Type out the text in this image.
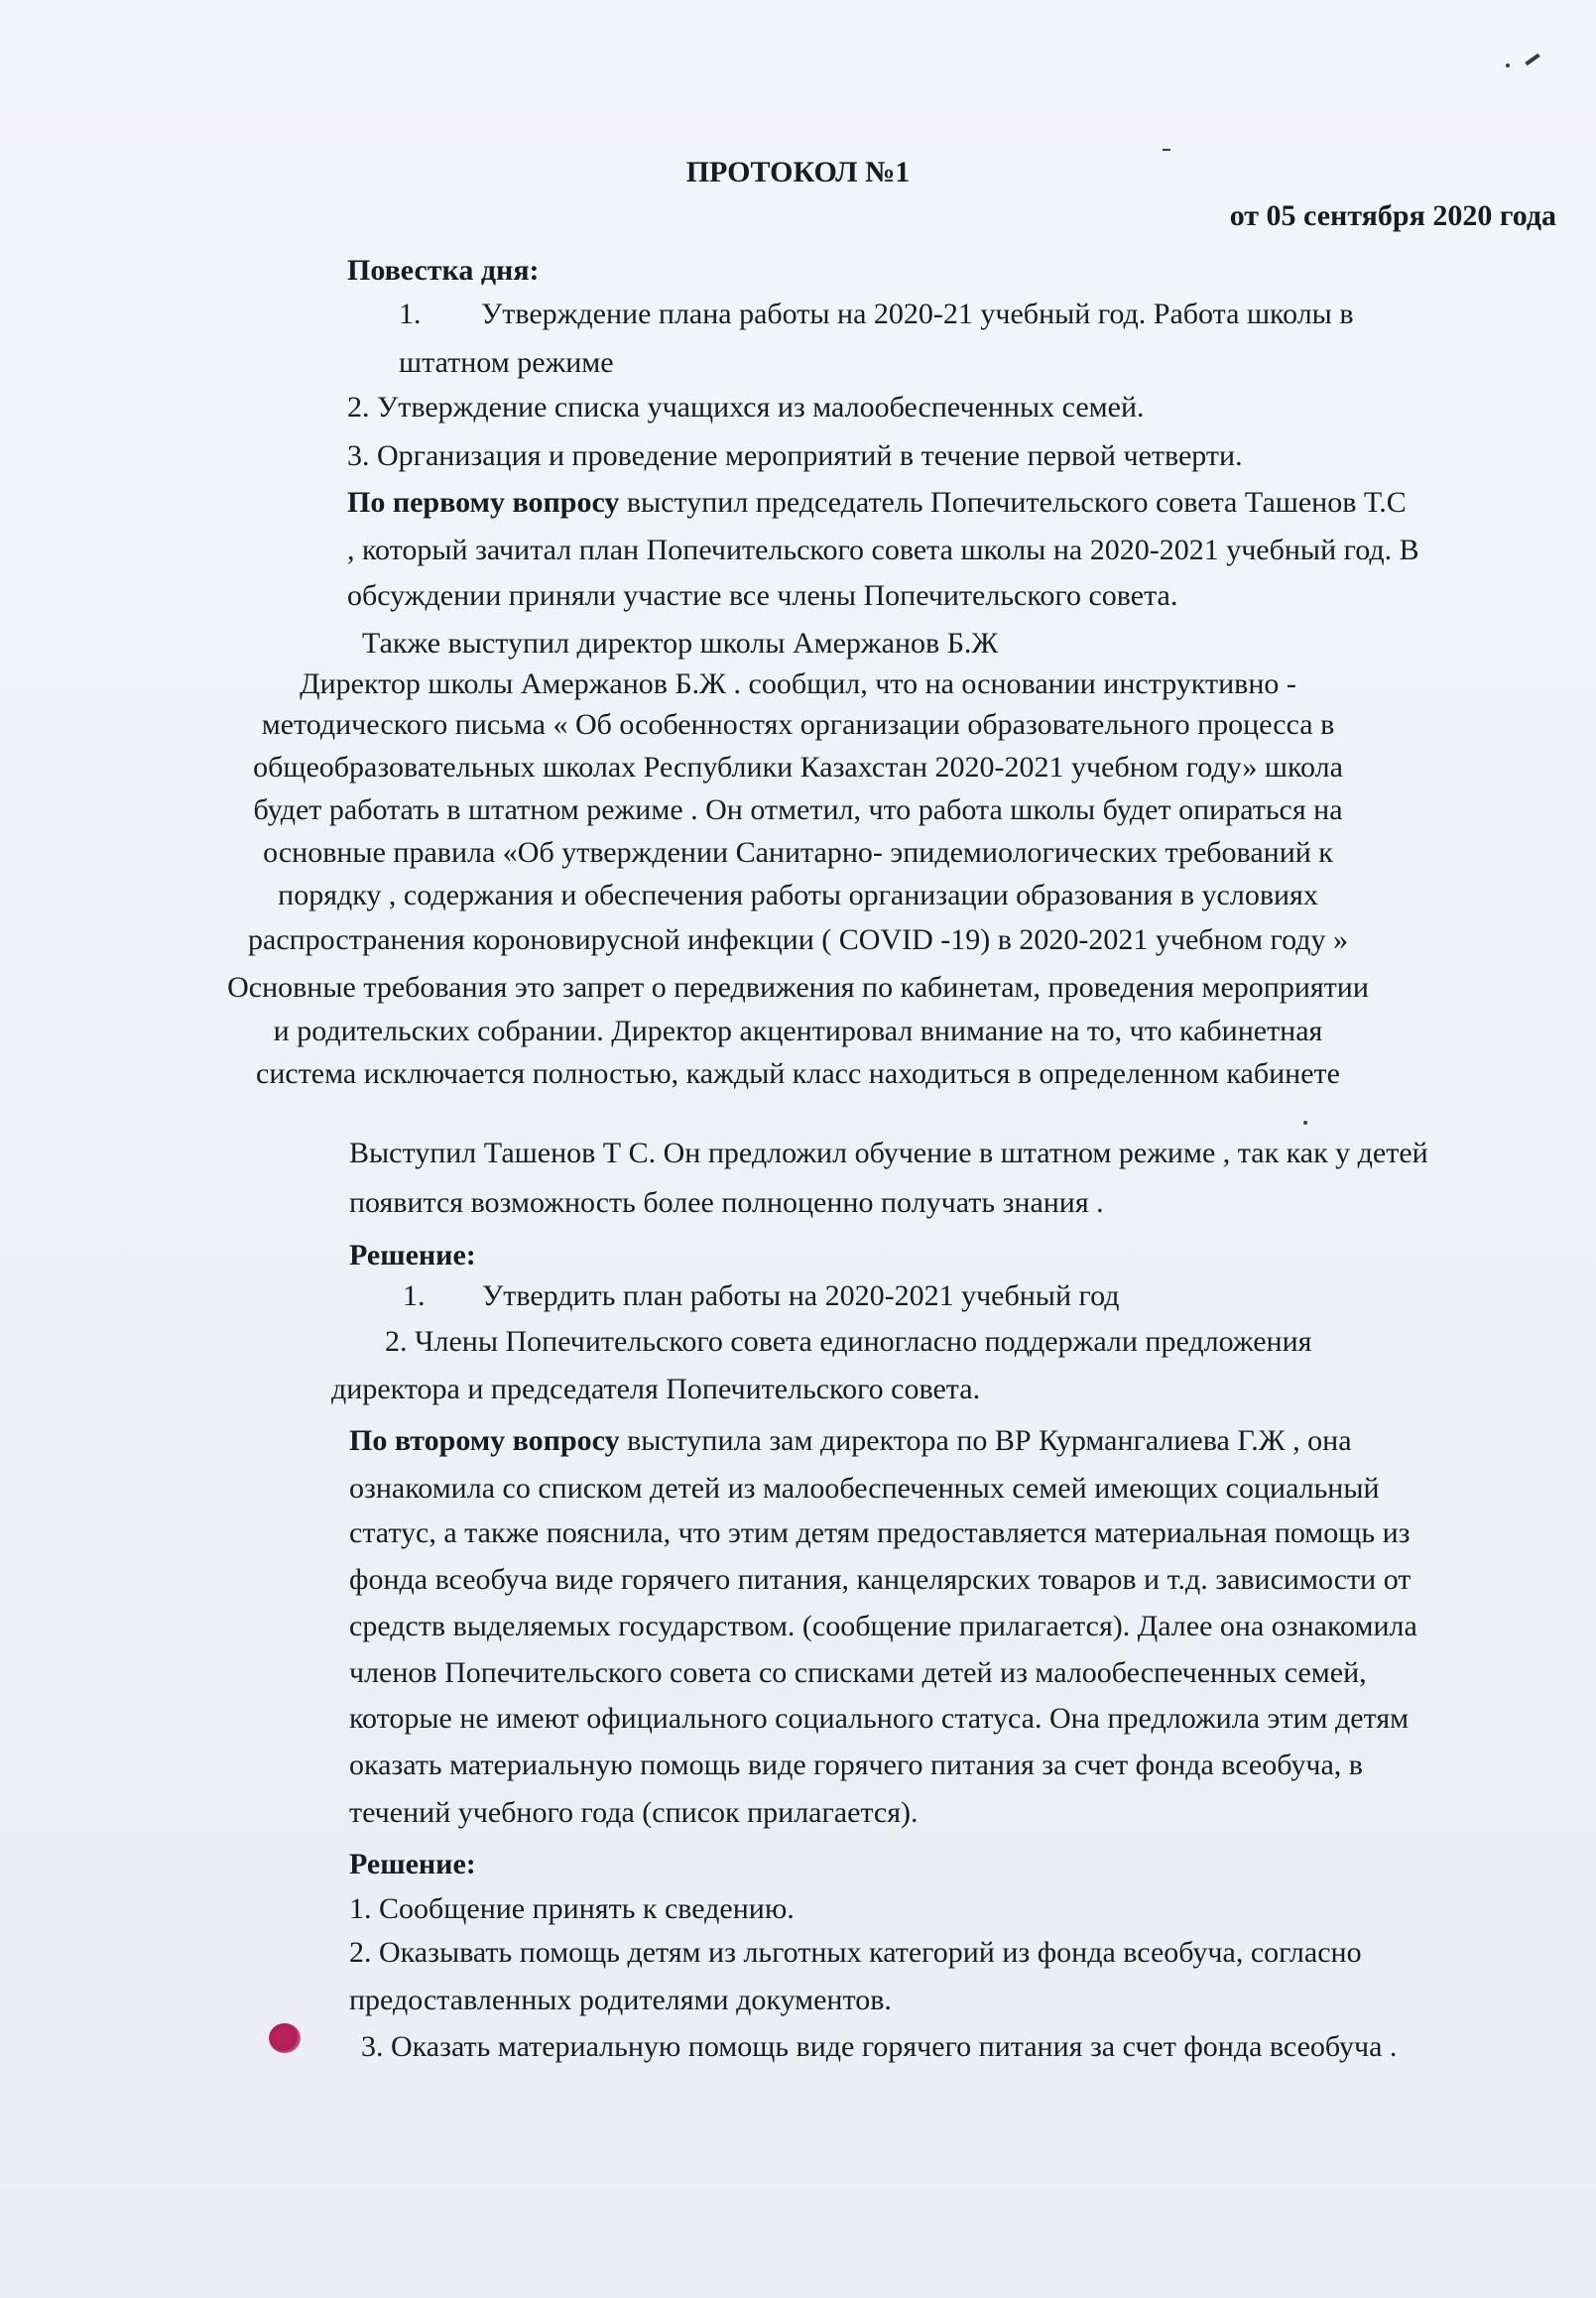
ПРОТОКОЛ №1
от 05 сентября 2020 года
Повестка дня:
1. Утверждение плана работы на 2020-21 учебный год. Работа школы в
штатном режиме
2. Утверждение списка учащихся из малообеспеченных семей.
3. Организация и проведение мероприятий в течение первой четверти.
По первому вопросу выступил председатель Попечительского совета Ташенов Т.С
, который зачитал план Попечительского совета школы на 2020-2021 учебный год. В
обсуждении приняли участие все члены Попечительского совета.
Также выступил директор школы Амержанов Б.Ж
Директор школы Амержанов Б.Ж . сообщил, что на основании инструктивно -
методического письма « Об особенностях организации образовательного процесса в
общеобразовательных школах Республики Казахстан 2020-2021 учебном году» школа
будет работать в штатном режиме . Он отметил, что работа школы будет опираться на
основные правила «Об утверждении Санитарно- эпидемиологических требований к
порядку , содержания и обеспечения работы организации образования в условиях
распространения короновирусной инфекции ( COVID -19) в 2020-2021 учебном году »
Основные требования это запрет о передвижения по кабинетам, проведения мероприятии
и родительских собрании. Директор акцентировал внимание на то, что кабинетная
система исключается полностью, каждый класс находиться в определенном кабинете
Выступил Ташенов Т С. Он предложил обучение в штатном режиме , так как у детей
появится возможность более полноценно получать знания .
Решение:
1. Утвердить план работы на 2020-2021 учебный год
2. Члены Попечительского совета единогласно поддержали предложения
директора и председателя Попечительского совета.
По второму вопросу выступила зам директора по ВР Курмангалиева Г.Ж , она
ознакомила со списком детей из малообеспеченных семей имеющих социальный
статус, а также пояснила, что этим детям предоставляется материальная помощь из
фонда всеобуча виде горячего питания, канцелярских товаров и т.д. зависимости от
средств выделяемых государством. (сообщение прилагается). Далее она ознакомила
членов Попечительского совета со списками детей из малообеспеченных семей,
которые не имеют официального социального статуса. Она предложила этим детям
оказать материальную помощь виде горячего питания за счет фонда всеобуча, в
течений учебного года (список прилагается).
Решение:
1. Сообщение принять к сведению.
2. Оказывать помощь детям из льготных категорий из фонда всеобуча, согласно
предоставленных родителями документов.
3. Оказать материальную помощь виде горячего питания за счет фонда всеобуча .
